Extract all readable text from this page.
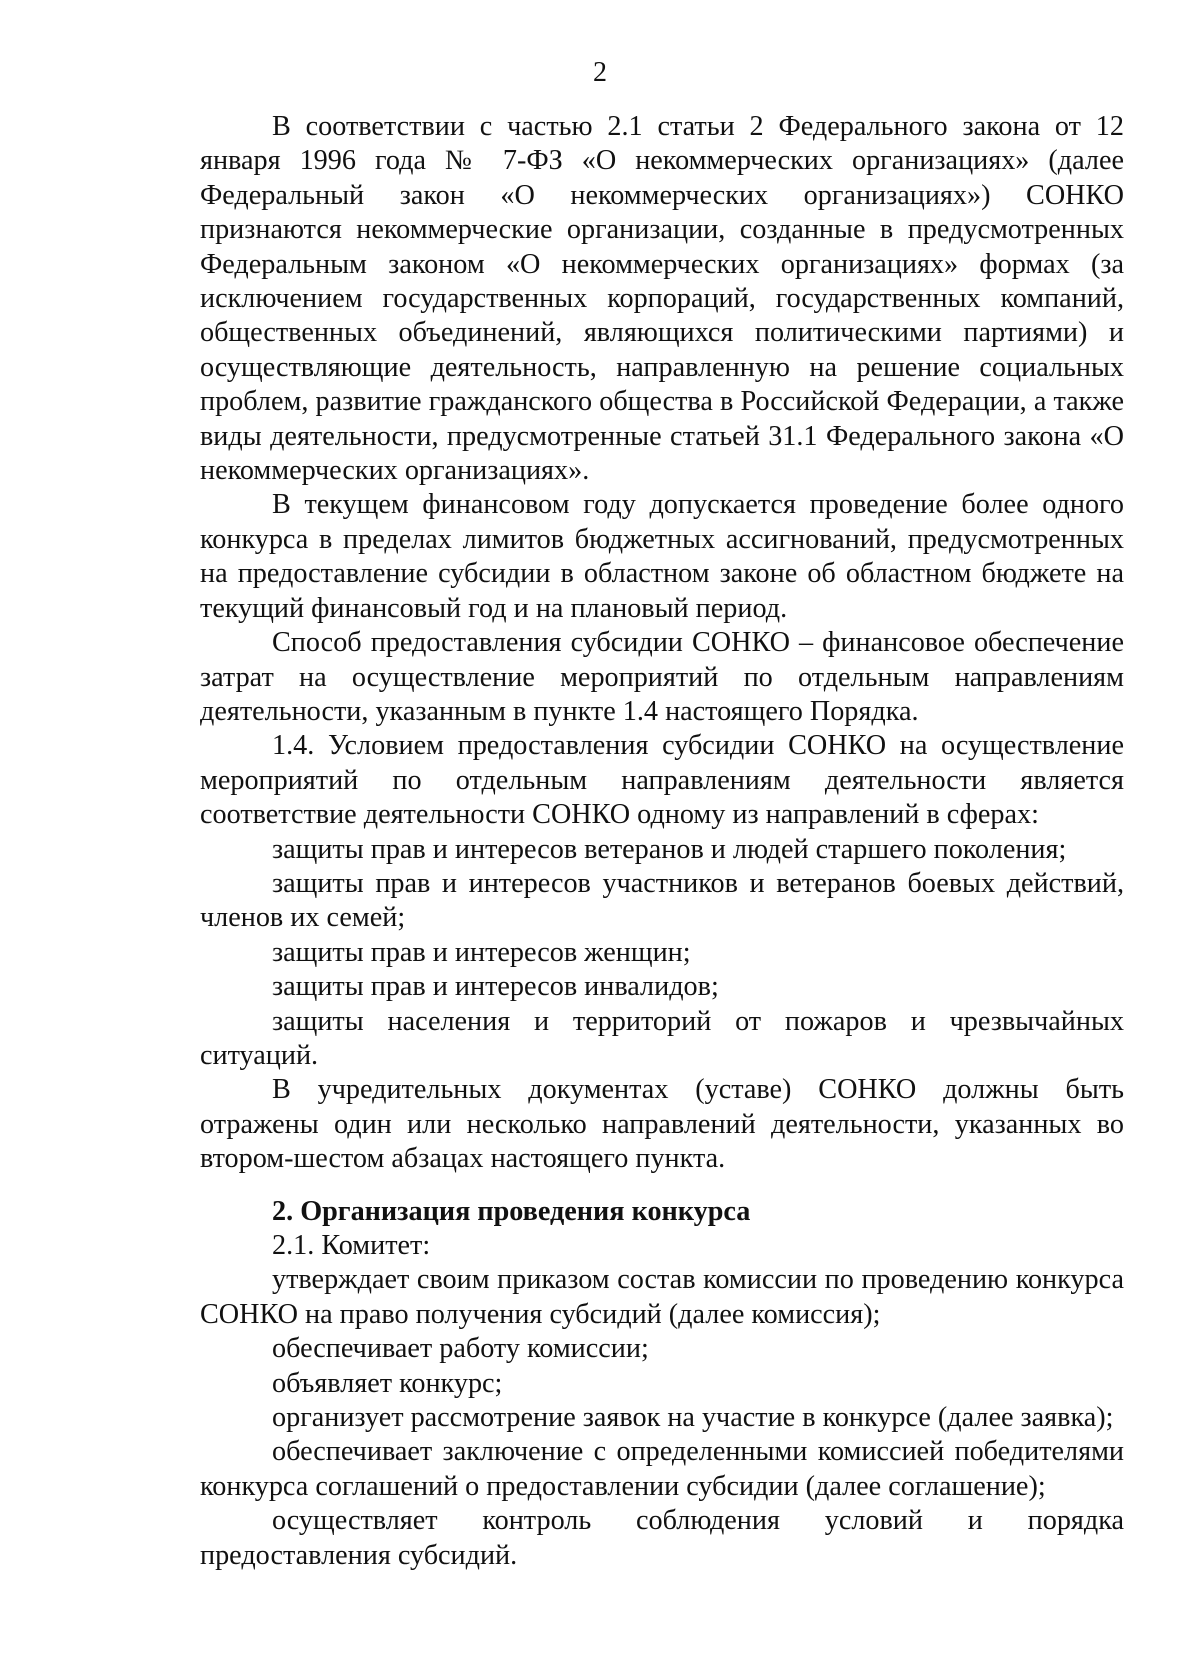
2

В соответствии с частью 2.1 статьи 2 Федерального закона от 12 января 1996 года № 7-ФЗ «О некоммерческих организациях» (далее Федеральный закон «О некоммерческих организациях») СОНКО признаются некоммерческие организации, созданные в предусмотренных Федеральным законом «О некоммерческих организациях» формах (за исключением государственных корпораций, государственных компаний, общественных объединений, являющихся политическими партиями) и осуществляющие деятельность, направленную на решение социальных проблем, развитие гражданского общества в Российской Федерации, а также виды деятельности, предусмотренные статьей 31.1 Федерального закона «О некоммерческих организациях».

В текущем финансовом году допускается проведение более одного конкурса в пределах лимитов бюджетных ассигнований, предусмотренных на предоставление субсидии в областном законе об областном бюджете на текущий финансовый год и на плановый период.

Способ предоставления субсидии СОНКО – финансовое обеспечение затрат на осуществление мероприятий по отдельным направлениям деятельности, указанным в пункте 1.4 настоящего Порядка.

1.4. Условием предоставления субсидии СОНКО на осуществление мероприятий по отдельным направлениям деятельности является соответствие деятельности СОНКО одному из направлений в сферах:

защиты прав и интересов ветеранов и людей старшего поколения;

защиты прав и интересов участников и ветеранов боевых действий, членов их семей;

защиты прав и интересов женщин;

защиты прав и интересов инвалидов;

защиты населения и территорий от пожаров и чрезвычайных ситуаций.

В учредительных документах (уставе) СОНКО должны быть отражены один или несколько направлений деятельности, указанных во втором-шестом абзацах настоящего пункта.

2. Организация проведения конкурса

2.1. Комитет:

утверждает своим приказом состав комиссии по проведению конкурса СОНКО на право получения субсидий (далее комиссия);

обеспечивает работу комиссии;

объявляет конкурс;

организует рассмотрение заявок на участие в конкурсе (далее заявка);

обеспечивает заключение с определенными комиссией победителями конкурса соглашений о предоставлении субсидии (далее соглашение);

осуществляет контроль соблюдения условий и порядка предоставления субсидий.
